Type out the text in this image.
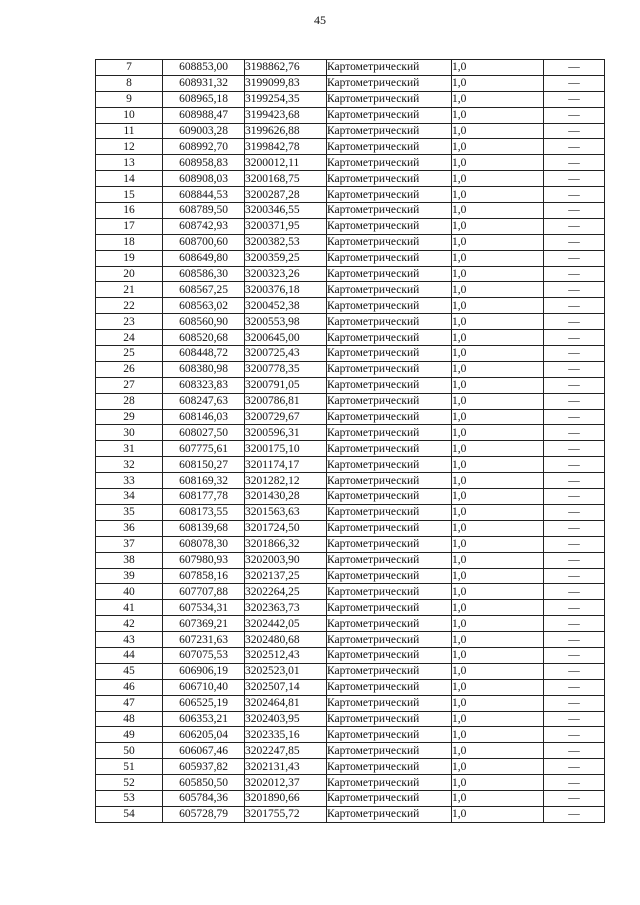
45
7	608853,00	3198862,76	Картометрический	1,0	—
8	608931,32	3199099,83	Картометрический	1,0	—
9	608965,18	3199254,35	Картометрический	1,0	—
10	608988,47	3199423,68	Картометрический	1,0	—
11	609003,28	3199626,88	Картометрический	1,0	—
12	608992,70	3199842,78	Картометрический	1,0	—
13	608958,83	3200012,11	Картометрический	1,0	—
14	608908,03	3200168,75	Картометрический	1,0	—
15	608844,53	3200287,28	Картометрический	1,0	—
16	608789,50	3200346,55	Картометрический	1,0	—
17	608742,93	3200371,95	Картометрический	1,0	—
18	608700,60	3200382,53	Картометрический	1,0	—
19	608649,80	3200359,25	Картометрический	1,0	—
20	608586,30	3200323,26	Картометрический	1,0	—
21	608567,25	3200376,18	Картометрический	1,0	—
22	608563,02	3200452,38	Картометрический	1,0	—
23	608560,90	3200553,98	Картометрический	1,0	—
24	608520,68	3200645,00	Картометрический	1,0	—
25	608448,72	3200725,43	Картометрический	1,0	—
26	608380,98	3200778,35	Картометрический	1,0	—
27	608323,83	3200791,05	Картометрический	1,0	—
28	608247,63	3200786,81	Картометрический	1,0	—
29	608146,03	3200729,67	Картометрический	1,0	—
30	608027,50	3200596,31	Картометрический	1,0	—
31	607775,61	3200175,10	Картометрический	1,0	—
32	608150,27	3201174,17	Картометрический	1,0	—
33	608169,32	3201282,12	Картометрический	1,0	—
34	608177,78	3201430,28	Картометрический	1,0	—
35	608173,55	3201563,63	Картометрический	1,0	—
36	608139,68	3201724,50	Картометрический	1,0	—
37	608078,30	3201866,32	Картометрический	1,0	—
38	607980,93	3202003,90	Картометрический	1,0	—
39	607858,16	3202137,25	Картометрический	1,0	—
40	607707,88	3202264,25	Картометрический	1,0	—
41	607534,31	3202363,73	Картометрический	1,0	—
42	607369,21	3202442,05	Картометрический	1,0	—
43	607231,63	3202480,68	Картометрический	1,0	—
44	607075,53	3202512,43	Картометрический	1,0	—
45	606906,19	3202523,01	Картометрический	1,0	—
46	606710,40	3202507,14	Картометрический	1,0	—
47	606525,19	3202464,81	Картометрический	1,0	—
48	606353,21	3202403,95	Картометрический	1,0	—
49	606205,04	3202335,16	Картометрический	1,0	—
50	606067,46	3202247,85	Картометрический	1,0	—
51	605937,82	3202131,43	Картометрический	1,0	—
52	605850,50	3202012,37	Картометрический	1,0	—
53	605784,36	3201890,66	Картометрический	1,0	—
54	605728,79	3201755,72	Картометрический	1,0	—
